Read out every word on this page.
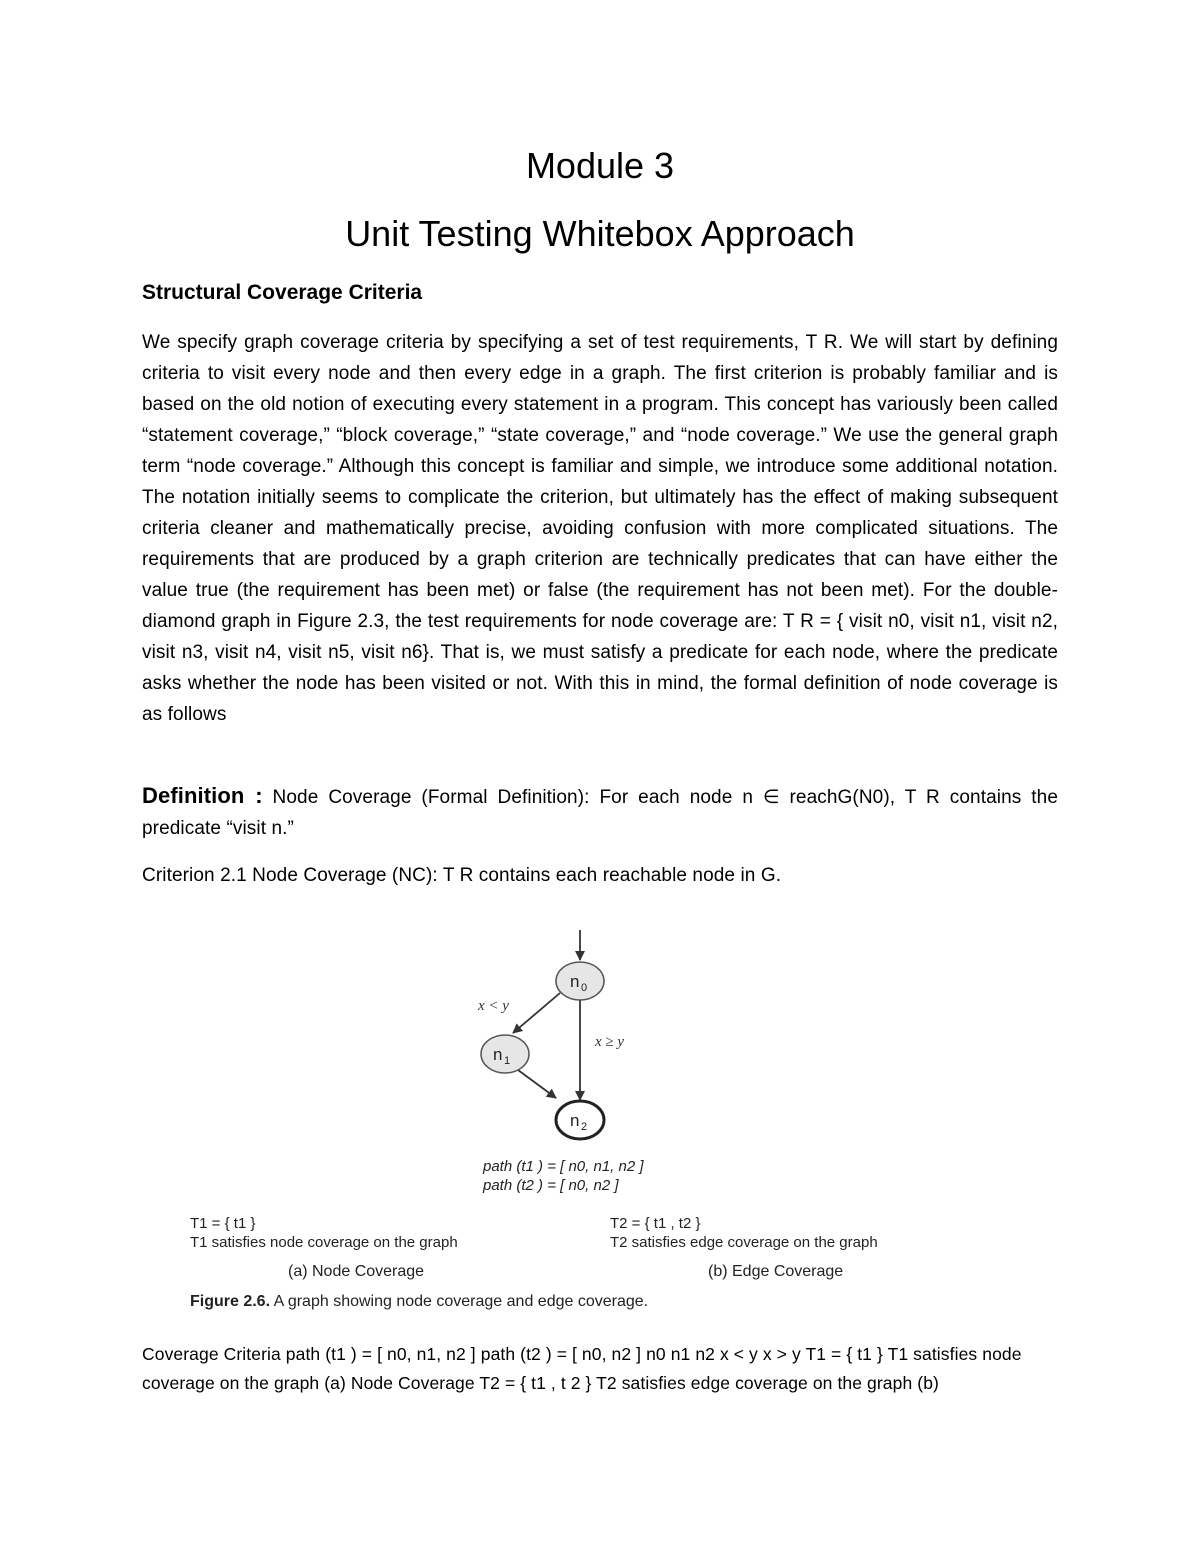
Module 3
Unit Testing Whitebox Approach
Structural Coverage Criteria

We specify graph coverage criteria by specifying a set of test requirements, T R. We will start by defining criteria to visit every node and then every edge in a graph. The first criterion is probably familiar and is based on the old notion of executing every statement in a program. This concept has variously been called “statement coverage,” “block coverage,” “state coverage,” and “node coverage.” We use the general graph term “node coverage.” Although this concept is familiar and simple, we introduce some additional notation. The notation initially seems to complicate the criterion, but ultimately has the effect of making subsequent criteria cleaner and mathematically precise, avoiding confusion with more complicated situations. The requirements that are produced by a graph criterion are technically predicates that can have either the value true (the requirement has been met) or false (the requirement has not been met). For the double-diamond graph in Figure 2.3, the test requirements for node coverage are: T R = { visit n0, visit n1, visit n2, visit n3, visit n4, visit n5, visit n6}. That is, we must satisfy a predicate for each node, where the predicate asks whether the node has been visited or not. With this in mind, the formal definition of node coverage is as follows

Definition : Node Coverage (Formal Definition): For each node n ∈ reachG(N0), T R contains the predicate “visit n.”

Criterion 2.1 Node Coverage (NC): T R contains each reachable node in G.

Coverage Criteria path (t1 ) = [ n0, n1, n2 ] path (t2 ) = [ n0, n2 ] n0 n1 n2 x < y x > y T1 = { t1 } T1 satisfies node coverage on the graph (a) Node Coverage T2 = { t1 , t 2 } T2 satisfies edge coverage on the graph (b)

n 0
n 1
n 2
x < y
x ≥ y
path (t1 ) = [ n0, n1, n2 ]
path (t2 ) = [ n0, n2 ]
T1 = { t1 }
T1 satisfies node coverage on the graph
T2 = { t1 , t2 }
T2 satisfies edge coverage on the graph
(a) Node Coverage	(b) Edge Coverage
Figure 2.6. A graph showing node coverage and edge coverage.
